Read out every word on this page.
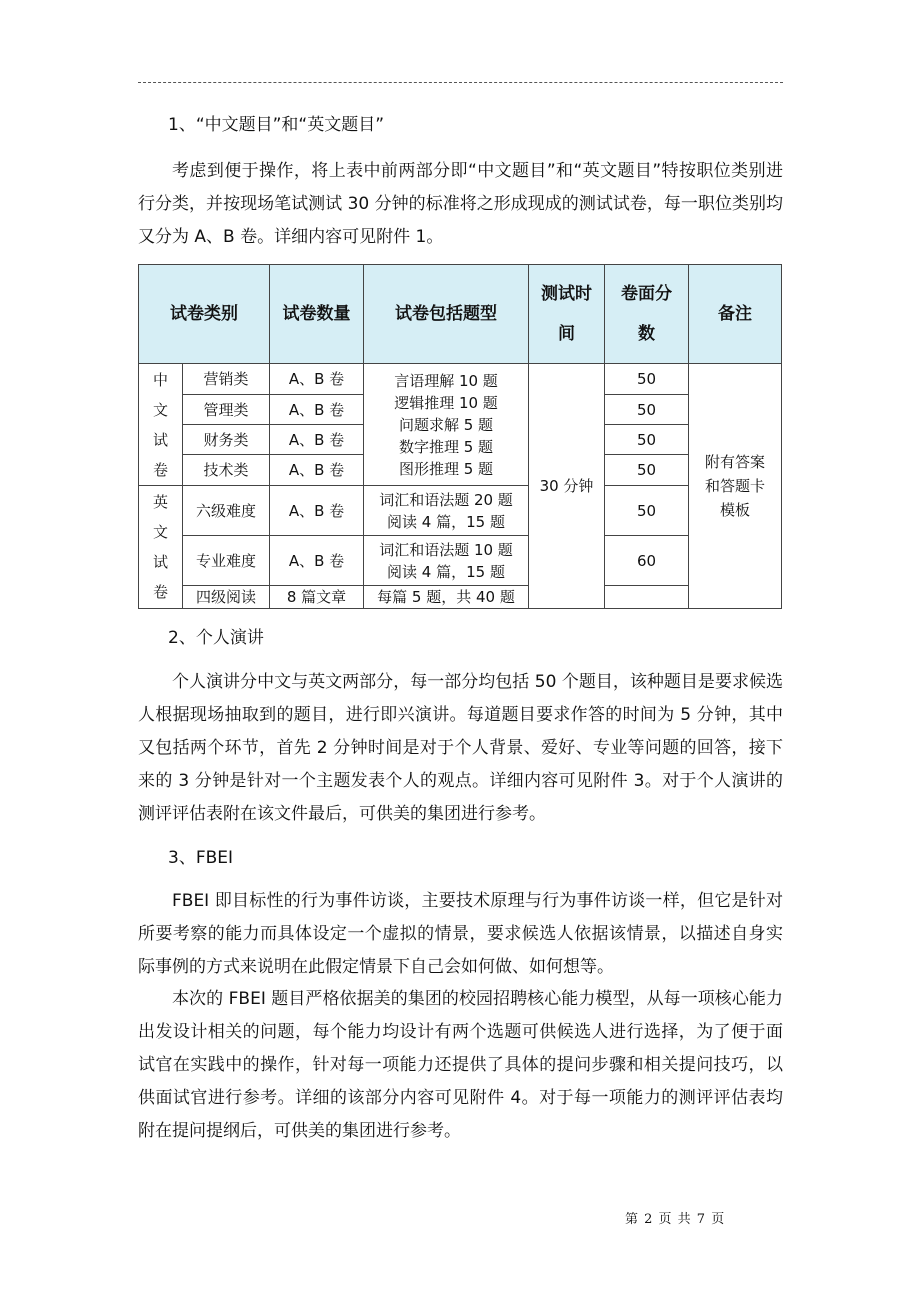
1、“中文题目”和“英文题目”

考虑到便于操作，将上表中前两部分即“中文题目”和“英文题目”特按职位类别进行分类，并按现场笔试测试 30 分钟的标准将之形成现成的测试试卷，每一职位类别均又分为 A、B 卷。详细内容可见附件 1。

试卷类别		试卷数量	试卷包括题型	测试时间	卷面分数	备注

中文试卷	营销类	A、B 卷	言语理解 10 题
逻辑推理 10 题
问题求解 5 题
数字推理 5 题
图形推理 5 题	30 分钟	50	附有答案和答题卡模板

	管理类	A、B 卷			50	
	财务类	A、B 卷			50	
	技术类	A、B 卷			50	

英文试卷	六级难度	A、B 卷	词汇和语法题 20 题
阅读 4 篇，15 题		50	
	专业难度	A、B 卷	词汇和语法题 10 题
阅读 4 篇，15 题		60	
	四级阅读	8 篇文章	每篇 5 题，共 40 题			

2、个人演讲

个人演讲分中文与英文两部分，每一部分均包括 50 个题目，该种题目是要求候选人根据现场抽取到的题目，进行即兴演讲。每道题目要求作答的时间为 5 分钟，其中又包括两个环节，首先 2 分钟时间是对于个人背景、爱好、专业等问题的回答，接下来的 3 分钟是针对一个主题发表个人的观点。详细内容可见附件 3。对于个人演讲的测评评估表附在该文件最后，可供美的集团进行参考。

3、FBEI

FBEI 即目标性的行为事件访谈，主要技术原理与行为事件访谈一样，但它是针对所要考察的能力而具体设定一个虚拟的情景，要求候选人依据该情景，以描述自身实际事例的方式来说明在此假定情景下自己会如何做、如何想等。

本次的 FBEI 题目严格依据美的集团的校园招聘核心能力模型，从每一项核心能力出发设计相关的问题，每个能力均设计有两个选题可供候选人进行选择，为了便于面试官在实践中的操作，针对每一项能力还提供了具体的提问步骤和相关提问技巧，以供面试官进行参考。详细的该部分内容可见附件 4。对于每一项能力的测评评估表均附在提问提纲后，可供美的集团进行参考。

第 2 页 共 7 页
